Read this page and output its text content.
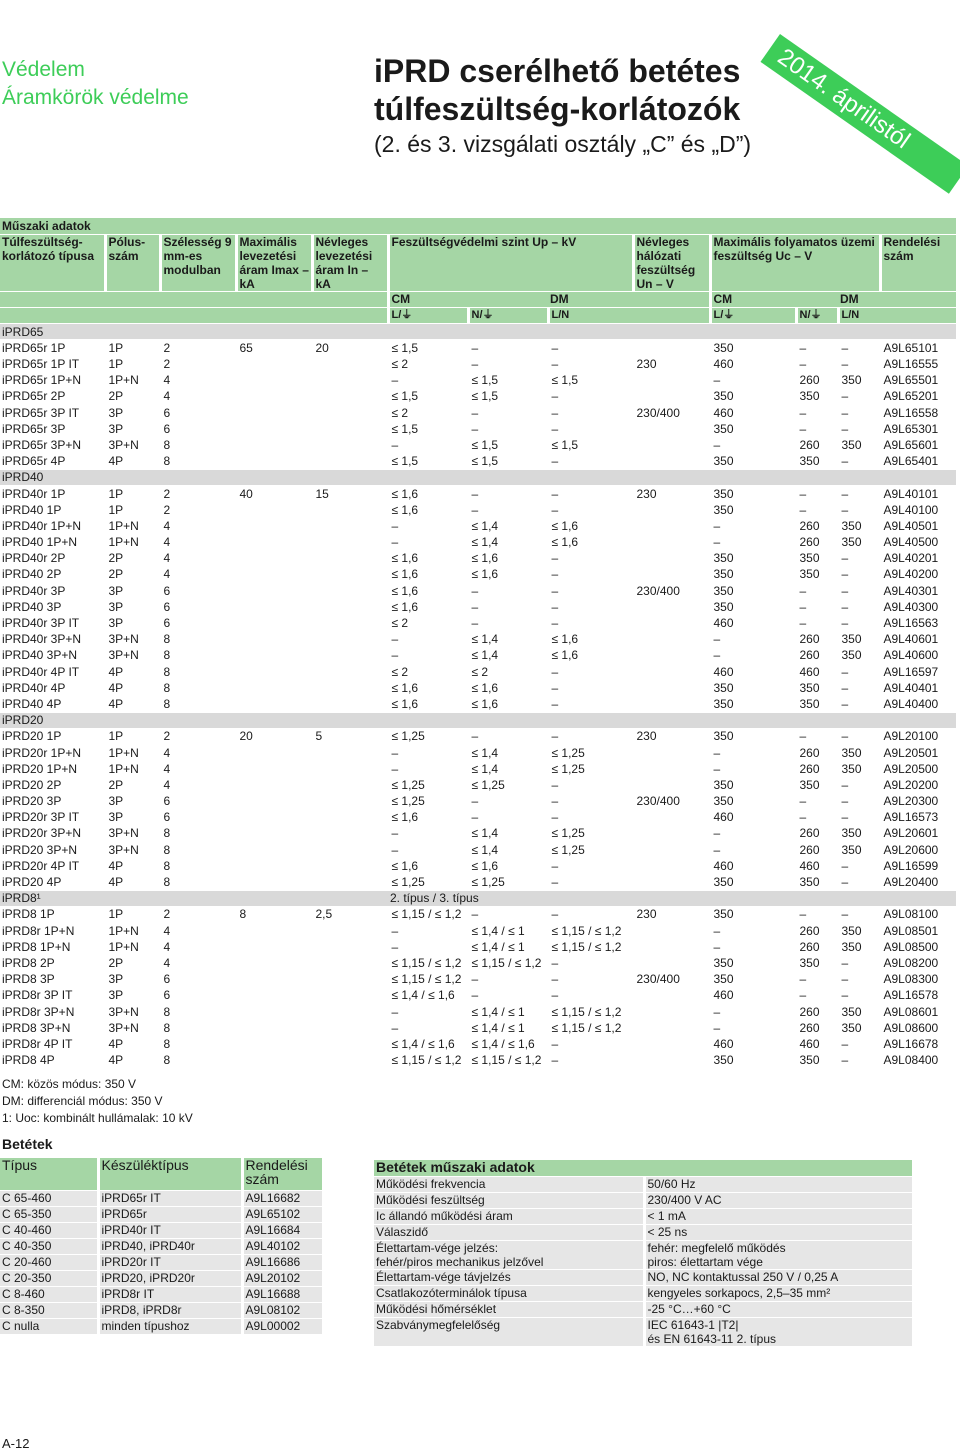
Védelem
Áramkörök védelme
iPRD cserélhető betétes
túlfeszültség-korlátozók
(2. és 3. vizsgálati osztály „C” és „D”) 2014. áprilistól
Műszaki adatok												
Túlfeszültség-korlátozó típusa	Pólus-szám	Szélesség 9 mm-es modulban	Maximális levezetési áram Imax – kA	Névleges levezetési áram In – kA	Feszültségvédelmi szint Up – kV			Névleges hálózati feszültség Un – V	Maximális folyamatos üzemi feszültség Uc – V			Rendelési szám
					CM		DM		CM		DM	
					L/⏚	N/⏚	L/N		L/⏚	N/⏚	L/N	
iPRD65												
iPRD65r 1P	1P	2	65	20	≤ 1,5	–	–		350	–	–	A9L65101
iPRD65r 1P IT	1P	2			≤ 2	–	–	230	460	–	–	A9L16555
iPRD65r 1P+N	1P+N	4			–	≤ 1,5	≤ 1,5		–	260	350	A9L65501
iPRD65r 2P	2P	4			≤ 1,5	≤ 1,5	–		350	350	–	A9L65201
iPRD65r 3P IT	3P	6			≤ 2	–	–	230/400	460	–	–	A9L16558
iPRD65r 3P	3P	6			≤ 1,5	–	–		350	–	–	A9L65301
iPRD65r 3P+N	3P+N	8			–	≤ 1,5	≤ 1,5		–	260	350	A9L65601
iPRD65r 4P	4P	8			≤ 1,5	≤ 1,5	–		350	350	–	A9L65401
iPRD40												
iPRD40r 1P	1P	2	40	15	≤ 1,6	–	–	230	350	–	–	A9L40101
iPRD40 1P	1P	2			≤ 1,6	–	–		350	–	–	A9L40100
iPRD40r 1P+N	1P+N	4			–	≤ 1,4	≤ 1,6		–	260	350	A9L40501
iPRD40 1P+N	1P+N	4			–	≤ 1,4	≤ 1,6		–	260	350	A9L40500
iPRD40r 2P	2P	4			≤ 1,6	≤ 1,6	–		350	350	–	A9L40201
iPRD40 2P	2P	4			≤ 1,6	≤ 1,6	–		350	350	–	A9L40200
iPRD40r 3P	3P	6			≤ 1,6	–	–	230/400	350	–	–	A9L40301
iPRD40 3P	3P	6			≤ 1,6	–	–		350	–	–	A9L40300
iPRD40r 3P IT	3P	6			≤ 2	–	–		460	–	–	A9L16563
iPRD40r 3P+N	3P+N	8			–	≤ 1,4	≤ 1,6		–	260	350	A9L40601
iPRD40 3P+N	3P+N	8			–	≤ 1,4	≤ 1,6		–	260	350	A9L40600
iPRD40r 4P IT	4P	8			≤ 2	≤ 2	–		460	460	–	A9L16597
iPRD40r 4P	4P	8			≤ 1,6	≤ 1,6	–		350	350	–	A9L40401
iPRD40 4P	4P	8			≤ 1,6	≤ 1,6	–		350	350	–	A9L40400
iPRD20												
iPRD20 1P	1P	2	20	5	≤ 1,25	–	–	230	350	–	–	A9L20100
iPRD20r 1P+N	1P+N	4			–	≤ 1,4	≤ 1,25		–	260	350	A9L20501
iPRD20 1P+N	1P+N	4			–	≤ 1,4	≤ 1,25		–	260	350	A9L20500
iPRD20 2P	2P	4			≤ 1,25	≤ 1,25	–		350	350	–	A9L20200
iPRD20 3P	3P	6			≤ 1,25	–	–	230/400	350	–	–	A9L20300
iPRD20r 3P IT	3P	6			≤ 1,6	–	–		460	–	–	A9L16573
iPRD20r 3P+N	3P+N	8			–	≤ 1,4	≤ 1,25		–	260	350	A9L20601
iPRD20 3P+N	3P+N	8			–	≤ 1,4	≤ 1,25		–	260	350	A9L20600
iPRD20r 4P IT	4P	8			≤ 1,6	≤ 1,6	–		460	460	–	A9L16599
iPRD20 4P	4P	8			≤ 1,25	≤ 1,25	–		350	350	–	A9L20400
iPRD8¹					2. típus / 3. típus							
iPRD8 1P	1P	2	8	2,5	≤ 1,15 / ≤ 1,2	–	–	230	350	–	–	A9L08100
iPRD8r 1P+N	1P+N	4			–	≤ 1,4 / ≤ 1	≤ 1,15 / ≤ 1,2		–	260	350	A9L08501
iPRD8 1P+N	1P+N	4			–	≤ 1,4 / ≤ 1	≤ 1,15 / ≤ 1,2		–	260	350	A9L08500
iPRD8 2P	2P	4			≤ 1,15 / ≤ 1,2	≤ 1,15 / ≤ 1,2	–		350	350	–	A9L08200
iPRD8 3P	3P	6			≤ 1,15 / ≤ 1,2	–	–	230/400	350	–	–	A9L08300
iPRD8r 3P IT	3P	6			≤ 1,4 / ≤ 1,6	–	–		460	–	–	A9L16578
iPRD8r 3P+N	3P+N	8			–	≤ 1,4 / ≤ 1	≤ 1,15 / ≤ 1,2		–	260	350	A9L08601
iPRD8 3P+N	3P+N	8			–	≤ 1,4 / ≤ 1	≤ 1,15 / ≤ 1,2		–	260	350	A9L08600
iPRD8r 4P IT	4P	8			≤ 1,4 / ≤ 1,6	≤ 1,4 / ≤ 1,6	–		460	460	–	A9L16678
iPRD8 4P	4P	8			≤ 1,15 / ≤ 1,2	≤ 1,15 / ≤ 1,2	–		350	350	–	A9L08400
CM: közös módus: 350 V
DM: differenciál módus: 350 V
1: Uoc: kombinált hullámalak: 10 kV
Betétek
Típus	Készüléktípus	Rendelési szám
C 65-460	iPRD65r IT	A9L16682
C 65-350	iPRD65r	A9L65102
C 40-460	iPRD40r IT	A9L16684
C 40-350	iPRD40, iPRD40r	A9L40102
C 20-460	iPRD20r IT	A9L16686
C 20-350	iPRD20, iPRD20r	A9L20102
C 8-460	iPRD8r IT	A9L16688
C 8-350	iPRD8, iPRD8r	A9L08102
C nulla	minden típushoz	A9L00002
Betétek műszaki adatok	
Működési frekvencia	50/60 Hz
Működési feszültség	230/400 V AC
Ic állandó működési áram	< 1 mA
Válaszidő	< 25 ns
Élettartam-vége jelzés:
fehér/piros mechanikus jelzővel	fehér: megfelelő működés
piros: élettartam vége
Élettartam-vége távjelzés	NO, NC kontaktussal 250 V / 0,25 A
Csatlakozóterminálok típusa	kengyeles sorkapocs, 2,5–35 mm²
Működési hőmérséklet	-25 °C…+60 °C
Szabványmegfelelőség	IEC 61643-1 |T2|
és EN 61643-11 2. típus
A-12
